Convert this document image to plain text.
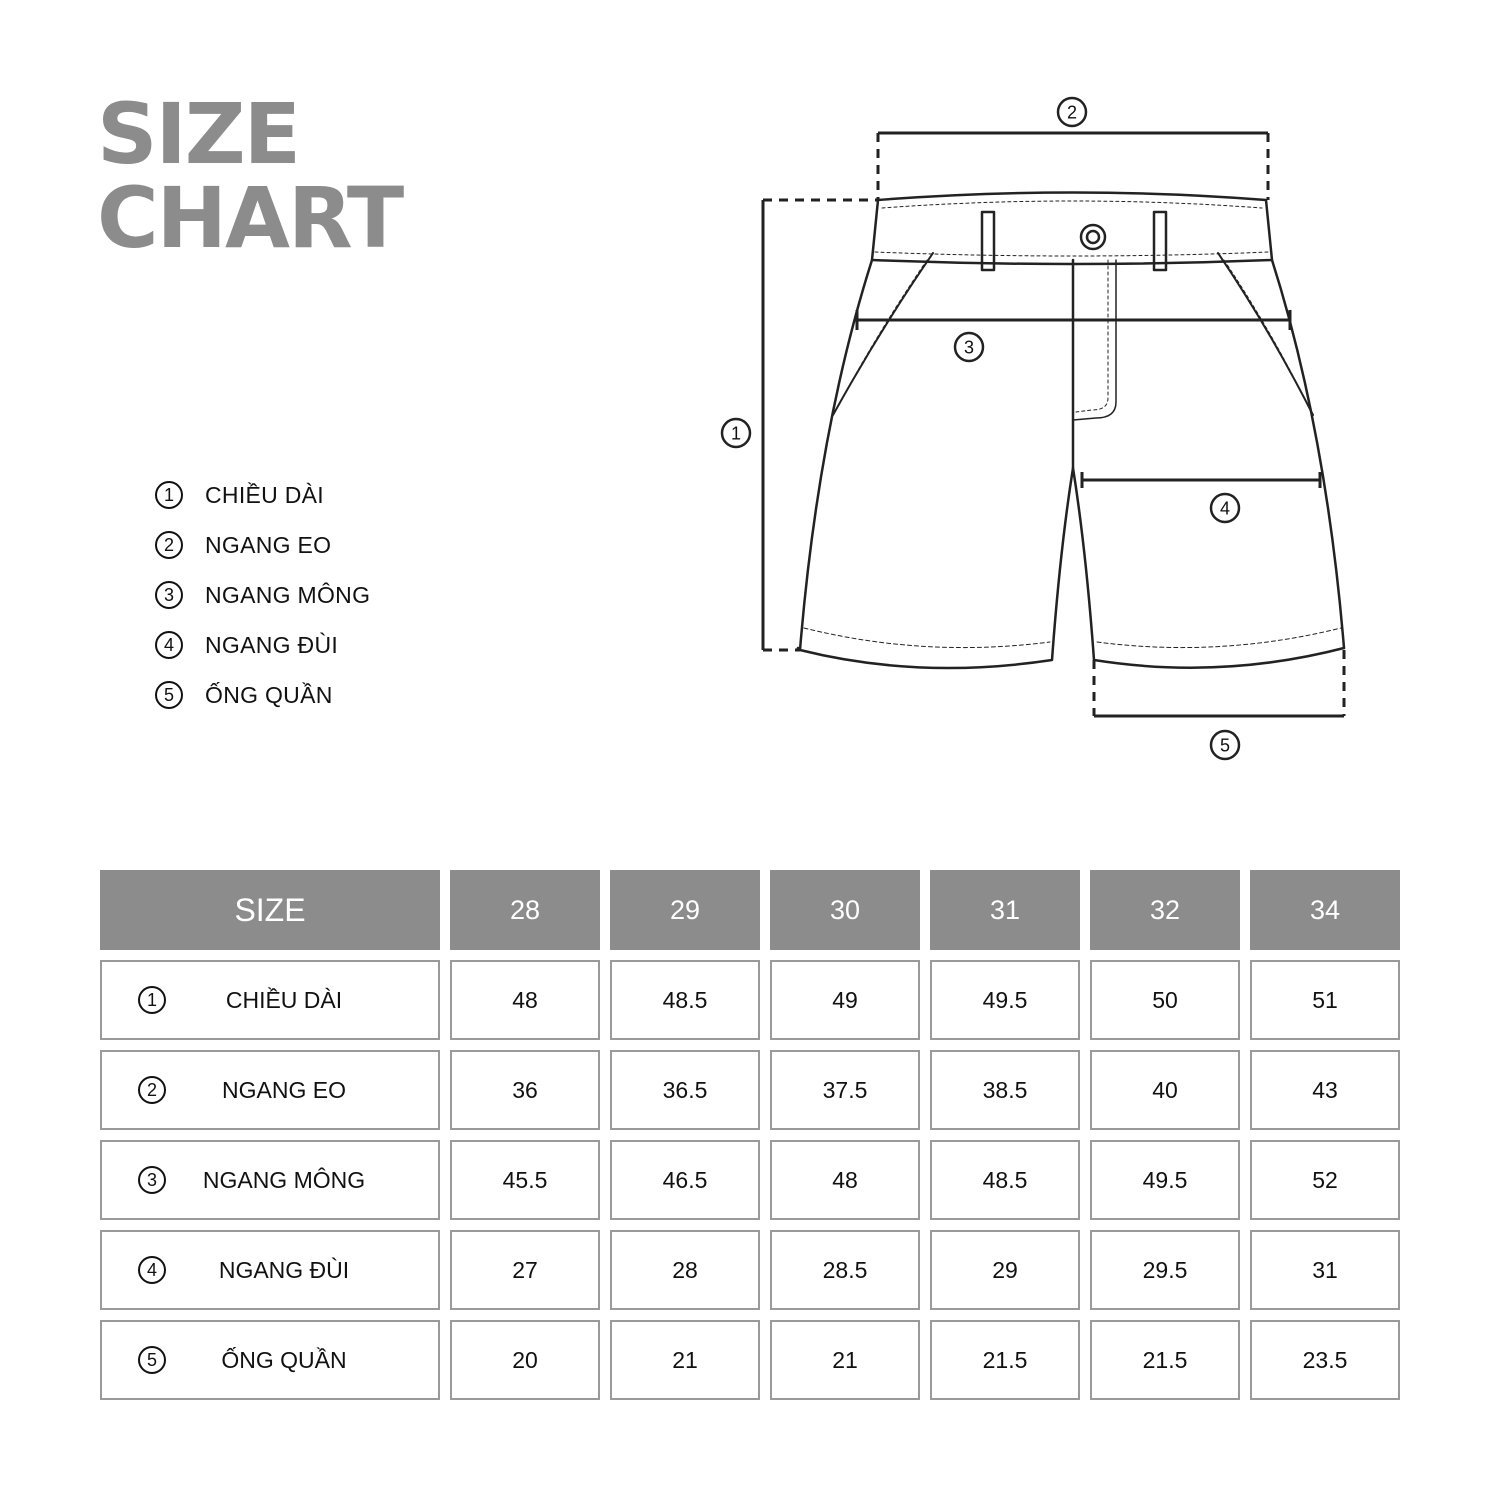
SIZE
CHART
1	CHIỀU DÀI
2	NGANG EO
3	NGANG MÔNG
4	NGANG ĐÙI
5	ỐNG QUẦN
1
2
3
4
5
SIZE	28	29	30	31	32	34
1	CHIỀU DÀI	48	48.5	49	49.5	50	51
2	NGANG EO	36	36.5	37.5	38.5	40	43
3	NGANG MÔNG	45.5	46.5	48	48.5	49.5	52
4	NGANG ĐÙI	27	28	28.5	29	29.5	31
5	ỐNG QUẦN	20	21	21	21.5	21.5	23.5
